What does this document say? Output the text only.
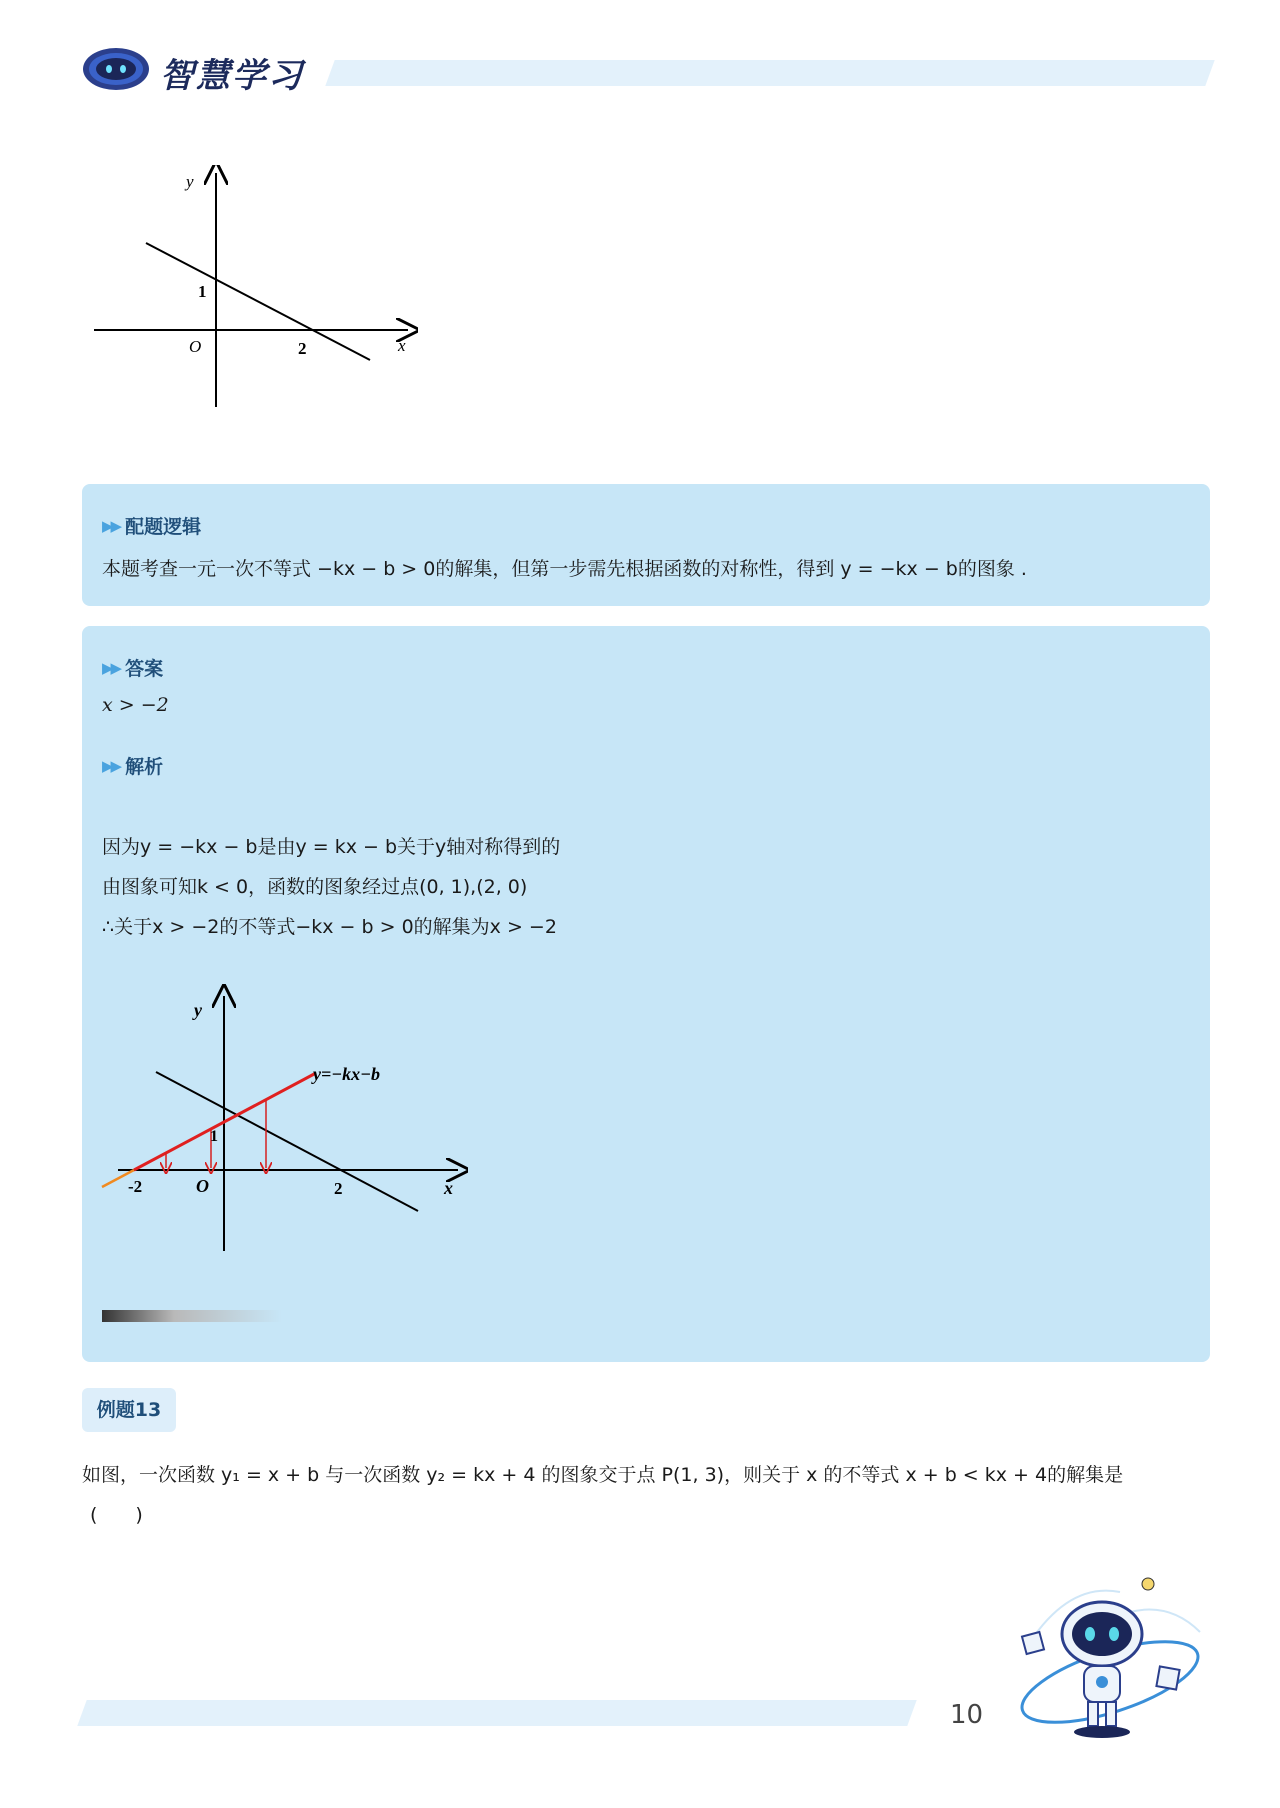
智慧学习
y
x
O
1
2
▶▶ 配题逻辑
本题考查一元一次不等式 −kx − b > 0的解集，但第一步需先根据函数的对称性，得到 y = −kx − b的图象 .
▶▶ 答案
x > −2
▶▶ 解析
因为y = −kx − b是由y = kx − b关于y轴对称得到的
由图象可知k < 0，函数的图象经过点(0, 1),(2, 0)
∴关于x > −2的不等式−kx − b > 0的解集为x > −2
y
x
O
-2
1
2
y=−kx−b
例题13
如图，一次函数 y₁ = x + b 与一次函数 y₂ = kx + 4 的图象交于点 P(1, 3)，则关于 x 的不等式 x + b < kx + 4的解集是
(　　)
10
